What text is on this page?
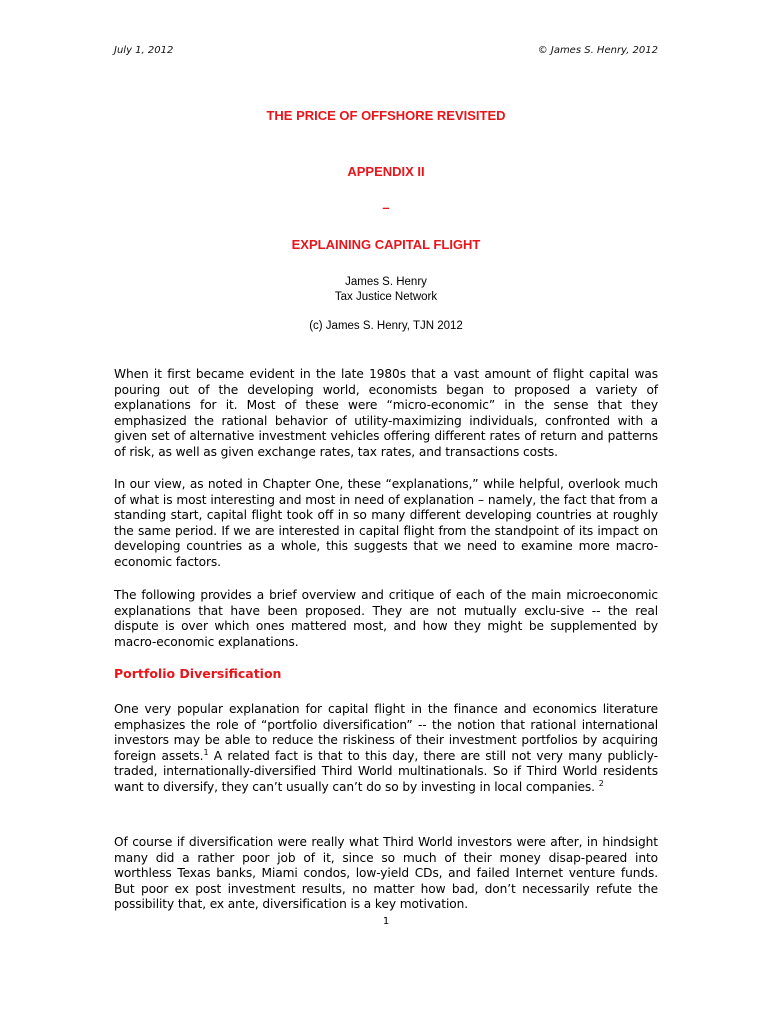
July 1, 2012	© James S. Henry, 2012
THE PRICE OF OFFSHORE REVISITED
APPENDIX II
–
EXPLAINING CAPITAL FLIGHT
James S. Henry
Tax Justice Network
(c) James S. Henry, TJN 2012

When it first became evident in the late 1980s that a vast amount of flight capital was pouring out of the developing world, economists began to proposed a variety of explanations for it. Most of these were “micro-economic” in the sense that they emphasized the rational behavior of utility-maximizing individuals, confronted with a given set of alternative investment vehicles offering different rates of return and patterns of risk, as well as given exchange rates, tax rates, and transactions costs.

In our view, as noted in Chapter One, these “explanations,” while helpful, overlook much of what is most interesting and most in need of explanation – namely, the fact that from a standing start, capital flight took off in so many different developing countries at roughly the same period. If we are interested in capital flight from the standpoint of its impact on developing countries as a whole, this suggests that we need to examine more macro-economic factors.

The following provides a brief overview and critique of each of the main microeconomic explanations that have been proposed. They are not mutually exclu-sive -- the real dispute is over which ones mattered most, and how they might be supplemented by macro-economic explanations.

Portfolio Diversification

One very popular explanation for capital flight in the finance and economics literature emphasizes the role of “portfolio diversification” -- the notion that rational international investors may be able to reduce the riskiness of their investment portfolios by acquiring foreign assets.$^1$ A related fact is that to this day, there are still not very many publicly-traded, internationally-diversified Third World multinationals. So if Third World residents want to diversify, they can’t usually can’t do so by investing in local companies. $^2$

Of course if diversification were really what Third World investors were after, in hindsight many did a rather poor job of it, since so much of their money disap-peared into worthless Texas banks, Miami condos, low-yield CDs, and failed Internet venture funds. But poor ex post investment results, no matter how bad, don’t necessarily refute the possibility that, ex ante, diversification is a key motivation.

1
